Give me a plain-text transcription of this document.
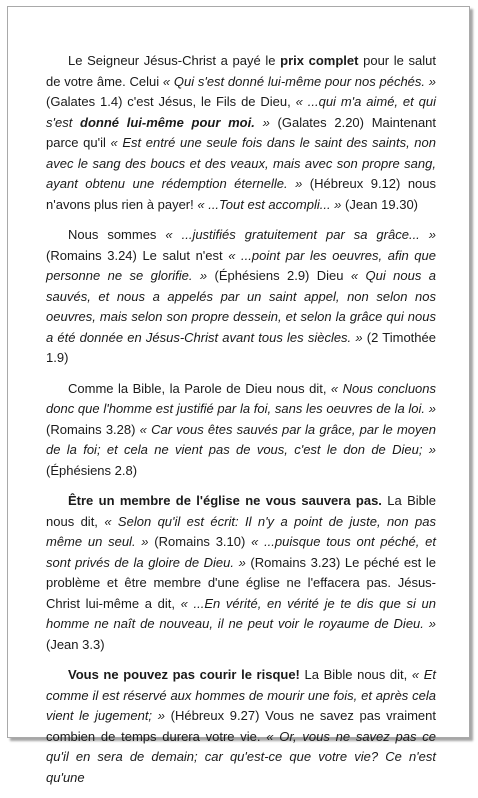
Le Seigneur Jésus-Christ a payé le prix complet pour le salut de votre âme. Celui « Qui s'est donné lui-même pour nos péchés. » (Galates 1.4) c'est Jésus, le Fils de Dieu, « ...qui m'a aimé, et qui s'est donné lui-même pour moi. » (Galates 2.20) Maintenant parce qu'il « Est entré une seule fois dans le saint des saints, non avec le sang des boucs et des veaux, mais avec son propre sang, ayant obtenu une rédemption éternelle. » (Hébreux 9.12) nous n'avons plus rien à payer! « ...Tout est accompli... » (Jean 19.30)

Nous sommes « ...justifiés gratuitement par sa grâce... » (Romains 3.24) Le salut n'est « ...point par les oeuvres, afin que personne ne se glorifie. » (Éphésiens 2.9) Dieu « Qui nous a sauvés, et nous a appelés par un saint appel, non selon nos oeuvres, mais selon son propre dessein, et selon la grâce qui nous a été donnée en Jésus-Christ avant tous les siècles. » (2 Timothée 1.9)

Comme la Bible, la Parole de Dieu nous dit, « Nous concluons donc que l'homme est justifié par la foi, sans les oeuvres de la loi. » (Romains 3.28) « Car vous êtes sauvés par la grâce, par le moyen de la foi; et cela ne vient pas de vous, c'est le don de Dieu; » (Éphésiens 2.8)

Être un membre de l'église ne vous sauvera pas. La Bible nous dit, « Selon qu'il est écrit: Il n'y a point de juste, non pas même un seul. » (Romains 3.10) « ...puisque tous ont péché, et sont privés de la gloire de Dieu. » (Romains 3.23) Le péché est le problème et être membre d'une église ne l'effacera pas. Jésus-Christ lui-même a dit, « ...En vérité, en vérité je te dis que si un homme ne naît de nouveau, il ne peut voir le royaume de Dieu. » (Jean 3.3)

Vous ne pouvez pas courir le risque! La Bible nous dit, « Et comme il est réservé aux hommes de mourir une fois, et après cela vient le jugement; » (Hébreux 9.27) Vous ne savez pas vraiment combien de temps durera votre vie. « Or, vous ne savez pas ce qu'il en sera de demain; car qu'est-ce que votre vie? Ce n'est qu'une
